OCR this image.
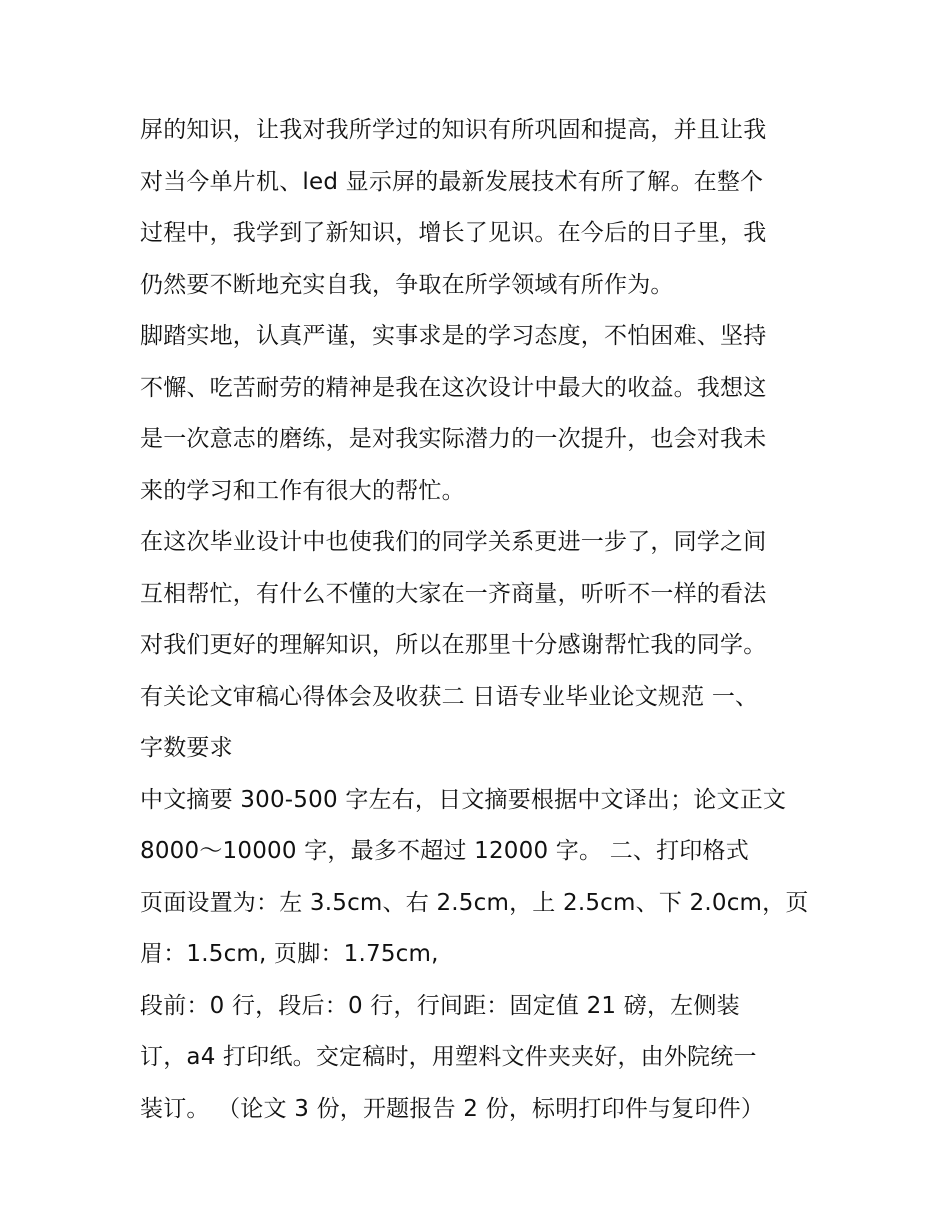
屏的知识，让我对我所学过的知识有所巩固和提高，并且让我
对当今单片机、led 显示屏的最新发展技术有所了解。在整个
过程中，我学到了新知识，增长了见识。在今后的日子里，我
仍然要不断地充实自我，争取在所学领域有所作为。
脚踏实地，认真严谨，实事求是的学习态度，不怕困难、坚持
不懈、吃苦耐劳的精神是我在这次设计中最大的收益。我想这
是一次意志的磨练，是对我实际潜力的一次提升，也会对我未
来的学习和工作有很大的帮忙。
在这次毕业设计中也使我们的同学关系更进一步了，同学之间
互相帮忙，有什么不懂的大家在一齐商量，听听不一样的看法
对我们更好的理解知识，所以在那里十分感谢帮忙我的同学。
有关论文审稿心得体会及收获二 日语专业毕业论文规范 一、
字数要求
中文摘要 300-500 字左右，日文摘要根据中文译出；论文正文
8000～10000 字，最多不超过 12000 字。 二、打印格式
页面设置为：左 3.5cm、右 2.5cm，上 2.5cm、下 2.0cm，页
眉：1.5cm, 页脚：1.75cm,
段前：0 行，段后：0 行，行间距：固定值 21 磅，左侧装
订，a4 打印纸。交定稿时，用塑料文件夹夹好，由外院统一
装订。 （论文 3 份，开题报告 2 份，标明打印件与复印件）
